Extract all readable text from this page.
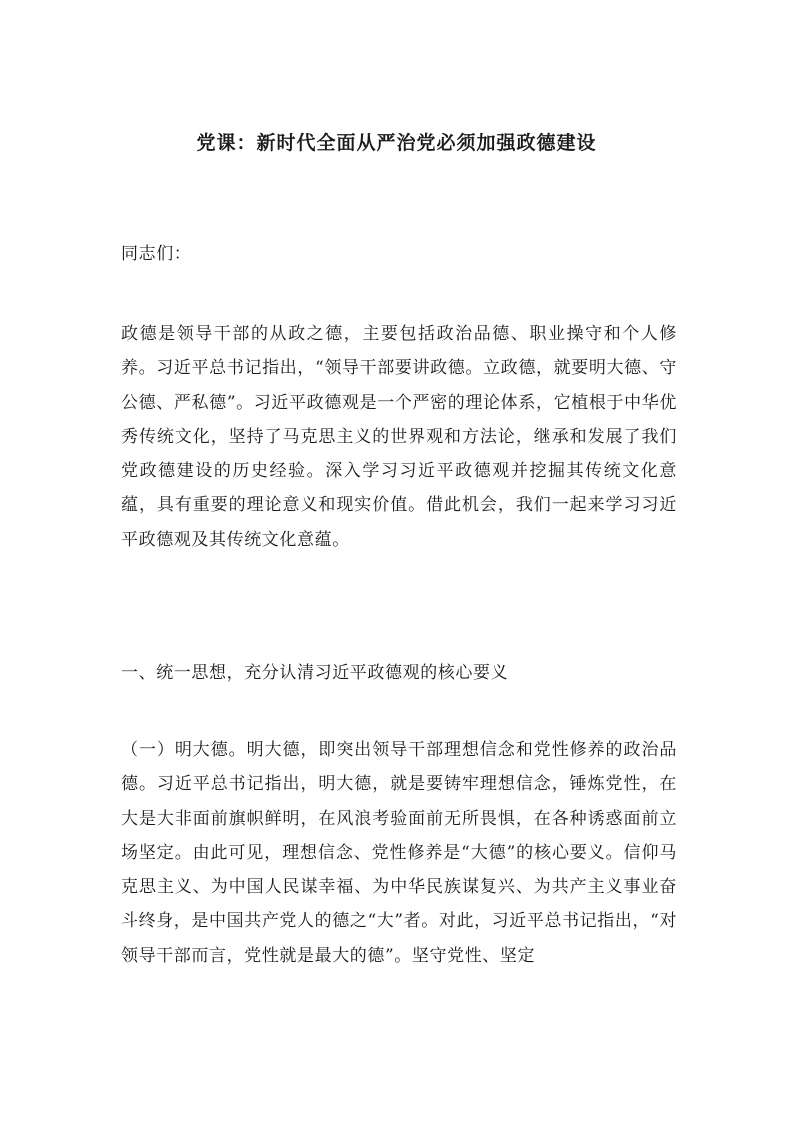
党课：新时代全面从严治党必须加强政德建设
同志们：
政德是领导干部的从政之德，主要包括政治品德、职业操守和个人修养。习近平总书记指出，“领导干部要讲政德。立政德，就要明大德、守公德、严私德”。习近平政德观是一个严密的理论体系，它植根于中华优秀传统文化，坚持了马克思主义的世界观和方法论，继承和发展了我们党政德建设的历史经验。深入学习习近平政德观并挖掘其传统文化意蕴，具有重要的理论意义和现实价值。借此机会，我们一起来学习习近平政德观及其传统文化意蕴。
一、统一思想，充分认清习近平政德观的核心要义
（一）明大德。明大德，即突出领导干部理想信念和党性修养的政治品德。习近平总书记指出，明大德，就是要铸牢理想信念，锤炼党性，在大是大非面前旗帜鲜明，在风浪考验面前无所畏惧，在各种诱惑面前立场坚定。由此可见，理想信念、党性修养是“大德”的核心要义。信仰马克思主义、为中国人民谋幸福、为中华民族谋复兴、为共产主义事业奋斗终身，是中国共产党人的德之“大”者。对此，习近平总书记指出，“对领导干部而言，党性就是最大的德”。坚守党性、坚定
